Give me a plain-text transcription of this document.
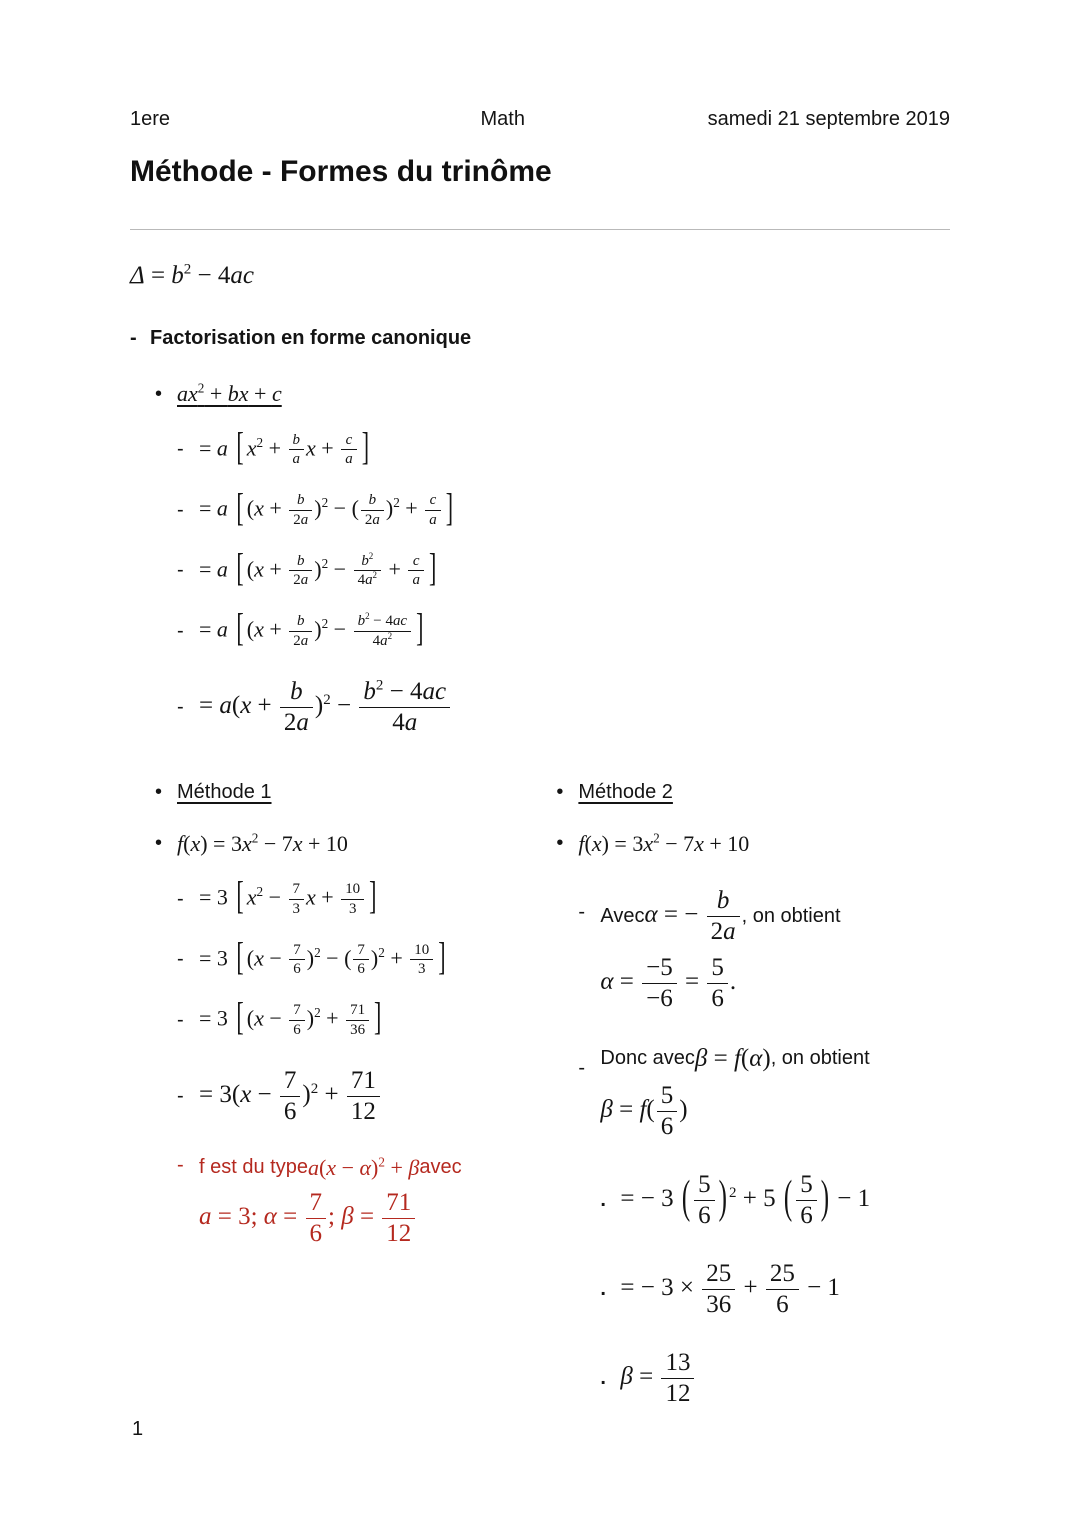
1ere	Math	samedi 21 septembre 2019
Méthode - Formes du trinôme
$\Delta = b^2 - 4ac$
- Factorisation en forme canonique
• $ax^2$ + bx + c
- = a [ $x^2 + \frac{b}{a}$ $x + \frac{c}{a}$ ]
- = a [ $(x + \frac{b}{2a} )^2$ − ( $\frac{b}{2a} )^2 + \frac{c}{a}$ ]
- = a [ $(x + \frac{b}{2a} )^2 - \frac{b^2}{4a^2} + \frac{c}{a}$ ]
- = a [ $(x + \frac{b}{2a} )^2 - \frac{b^2 - 4ac}{4a^2}$ ]
- = $a(x + \frac{b}{2a} )^2 - \frac{b^2 - 4ac}{4a}$
• Méthode 1
• $f(x) = 3x^2 - 7x + 10$
- = 3 [ $x^2 - \frac{7}{3}$ $x + \frac{10}{3}$ ]
- = 3 [ $(x - \frac{7}{6} )^2$ − ( $\frac{7}{6} )^2 + \frac{10}{3}$ ]
- = 3 [ $(x - \frac{7}{6} )^2 + \frac{71}{36}$ ]
- = $3(x - \frac{7}{6} )^2 + \frac{71}{12}$
- f est du type $a(x - \alpha)^2 + \beta$ avec
a = 3; $\alpha = \frac{7}{6}$ ; $\beta = \frac{71}{12}$
• Méthode 2
• $f(x) = 3x^2 - 7x + 10$
- Avec α = − $\frac{b}{2a}$ , on obtient
$\alpha = \frac{-5}{-6} = \frac{5}{6}$ .
- Donc avec β = f(α) , on obtient
$\beta = f( \frac{5}{6}$ )
. = − 3 ( $\frac{5}{6}$ ) $^2$ + 5 ( $\frac{5}{6}$ ) − 1
. = − $3 \times \frac{25}{36} + \frac{25}{6} - 1$
. $\beta = \frac{13}{12}$
1
